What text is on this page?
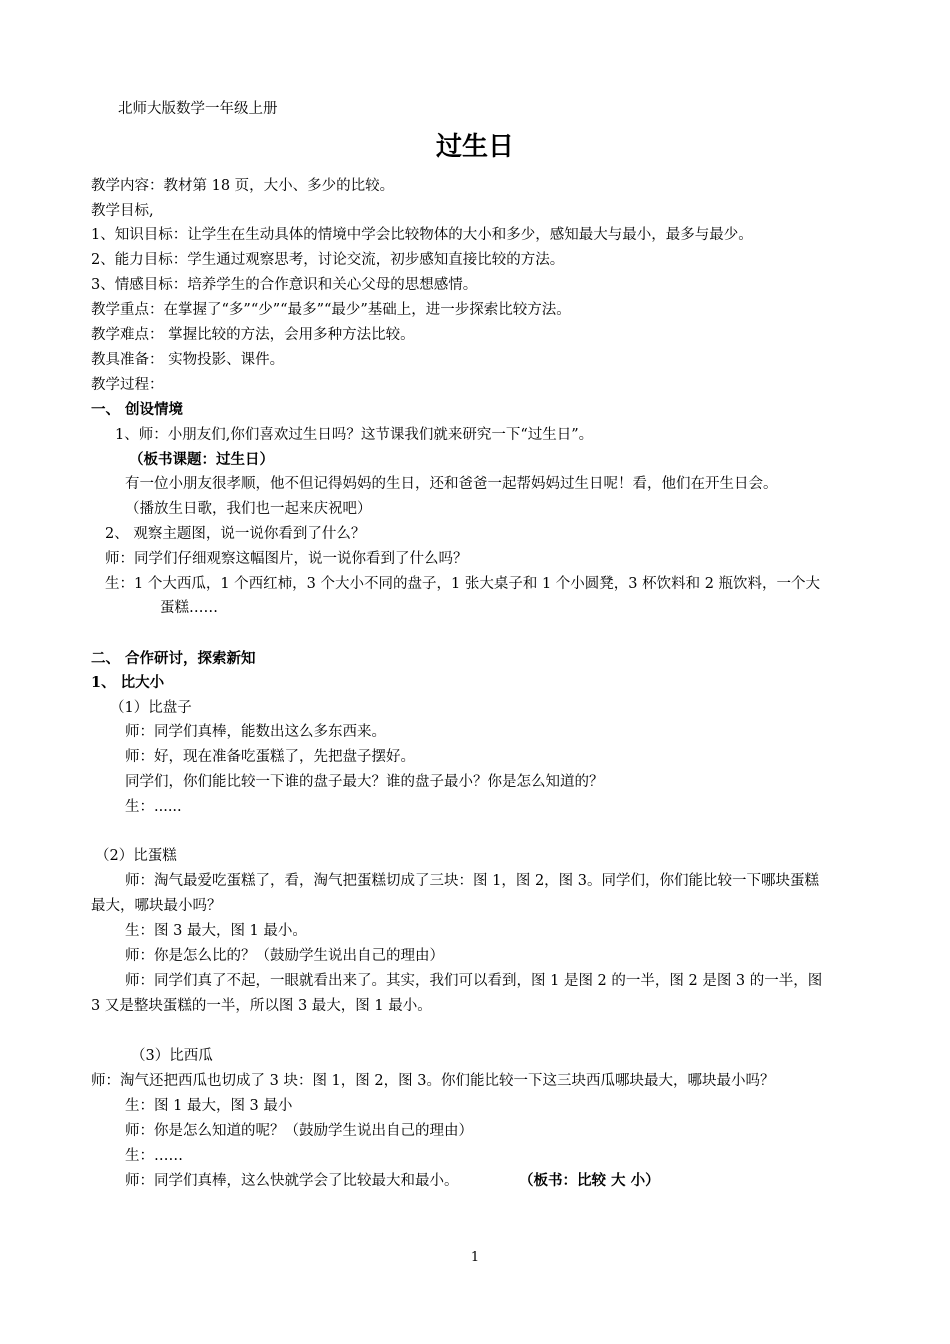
北师大版数学一年级上册
过生日
教学内容：教材第 18 页，大小、多少的比较。
教学目标,
1、知识目标：让学生在生动具体的情境中学会比较物体的大小和多少，感知最大与最小，最多与最少。
2、能力目标：学生通过观察思考，讨论交流，初步感知直接比较的方法。
3、情感目标：培养学生的合作意识和关心父母的思想感情。
教学重点：在掌握了“多”“少”“最多”“最少”基础上，进一步探索比较方法。
教学难点： 掌握比较的方法，会用多种方法比较。
教具准备： 实物投影、课件。
教学过程：
一、 创设情境
1、师：小朋友们,你们喜欢过生日吗？这节课我们就来研究一下“过生日”。
（板书课题：过生日）
有一位小朋友很孝顺，他不但记得妈妈的生日，还和爸爸一起帮妈妈过生日呢！看，他们在开生日会。
（播放生日歌，我们也一起来庆祝吧）
2、 观察主题图，说一说你看到了什么？
师：同学们仔细观察这幅图片，说一说你看到了什么吗？
生：1 个大西瓜，1 个西红柿，3 个大小不同的盘子，1 张大桌子和 1 个小圆凳，3 杯饮料和 2 瓶饮料，一个大
蛋糕……
二、 合作研讨，探索新知
1、 比大小
（1）比盘子
师：同学们真棒，能数出这么多东西来。
师：好，现在准备吃蛋糕了，先把盘子摆好。
同学们，你们能比较一下谁的盘子最大？谁的盘子最小？你是怎么知道的？
生：......
（2）比蛋糕
师：淘气最爱吃蛋糕了，看，淘气把蛋糕切成了三块：图 1，图 2，图 3。同学们，你们能比较一下哪块蛋糕
最大，哪块最小吗？
生：图 3 最大，图 1 最小。
师：你是怎么比的？（鼓励学生说出自己的理由）
师：同学们真了不起，一眼就看出来了。其实，我们可以看到，图 1 是图 2 的一半，图 2 是图 3 的一半，图
3 又是整块蛋糕的一半，所以图 3 最大，图 1 最小。
（3）比西瓜
师：淘气还把西瓜也切成了 3 块：图 1，图 2，图 3。你们能比较一下这三块西瓜哪块最大，哪块最小吗？
生：图 1 最大，图 3 最小
师：你是怎么知道的呢？（鼓励学生说出自己的理由）
生：……
师：同学们真棒，这么快就学会了比较最大和最小。	（板书：比较 大 小）
1
